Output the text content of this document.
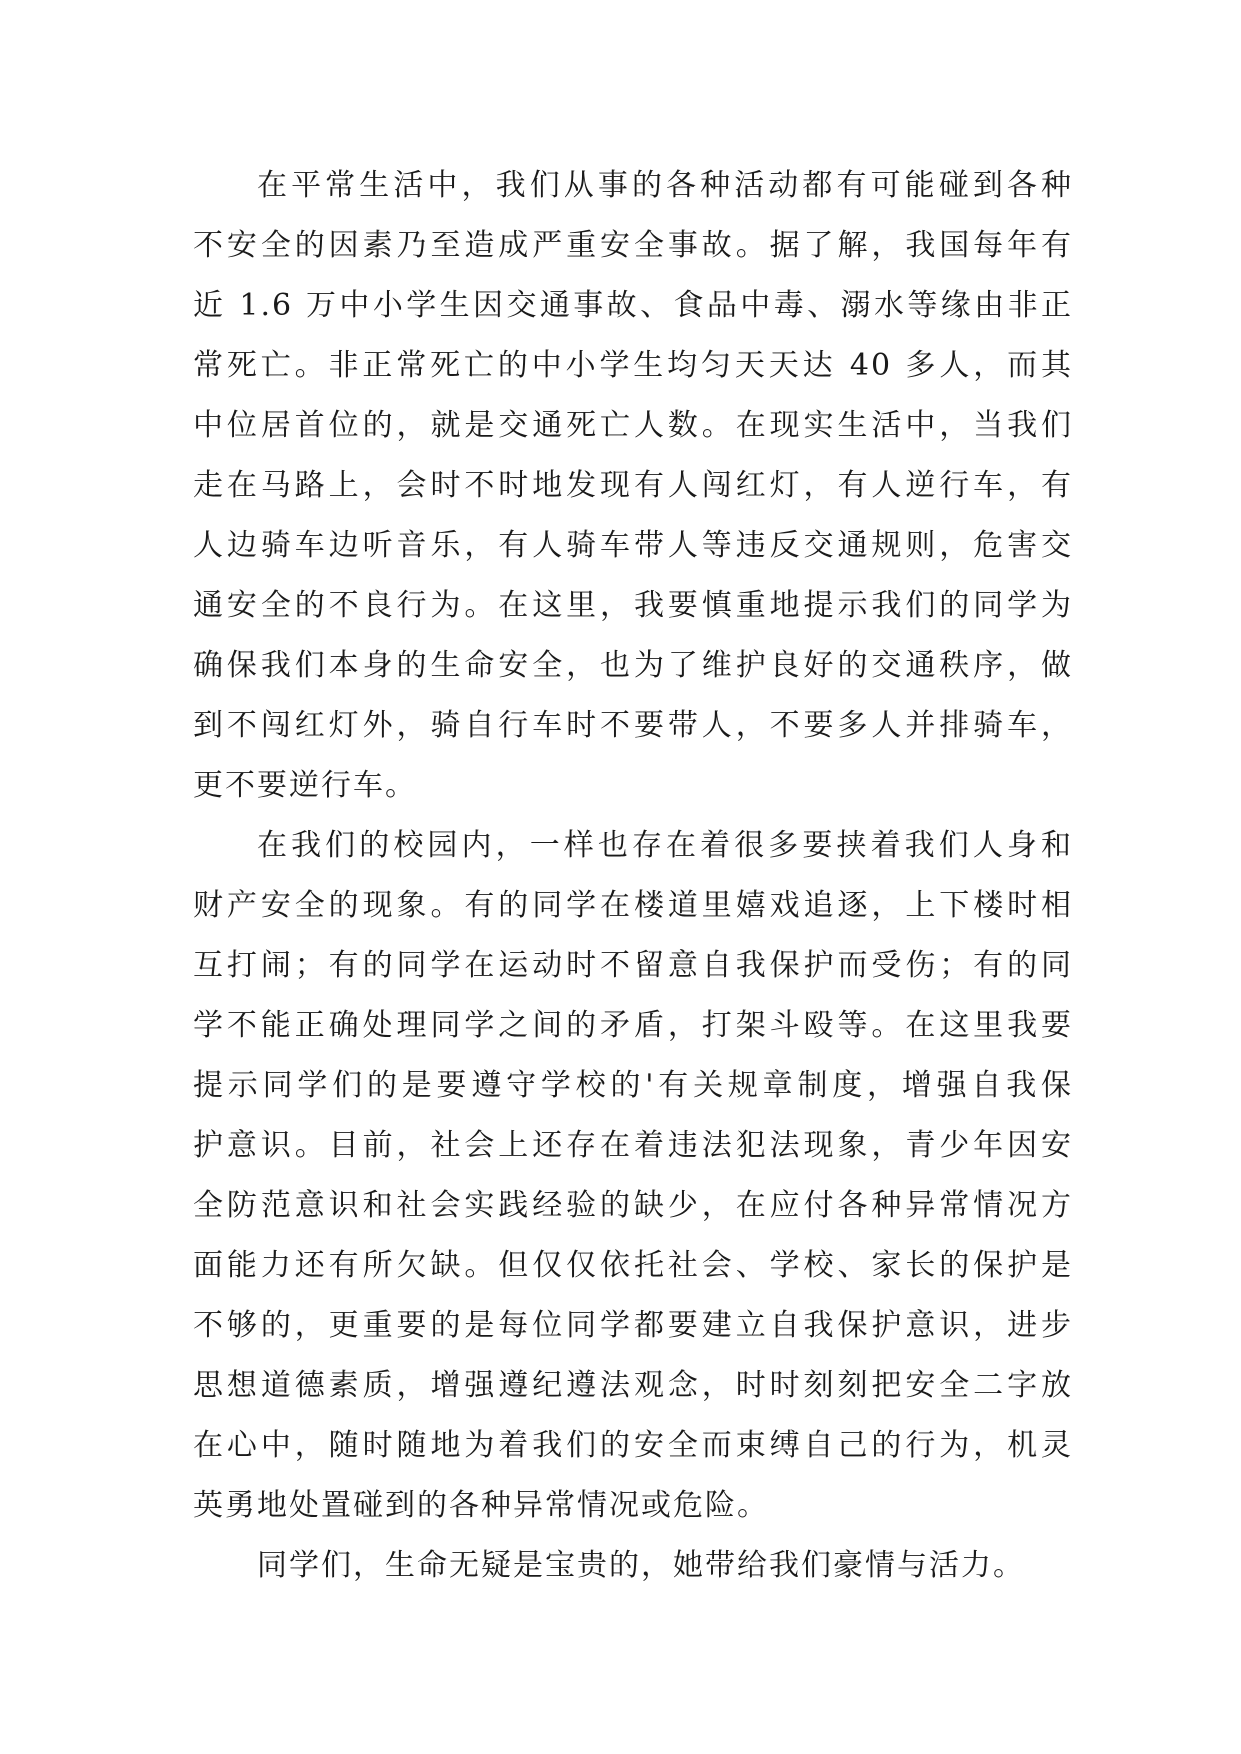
在平常生活中，我们从事的各种活动都有可能碰到各种
不安全的因素乃至造成严重安全事故。据了解，我国每年有
近 1.6 万中小学生因交通事故、食品中毒、溺水等缘由非正
常死亡。非正常死亡的中小学生均匀天天达 40 多人，而其
中位居首位的，就是交通死亡人数。在现实生活中，当我们
走在马路上，会时不时地发现有人闯红灯，有人逆行车，有
人边骑车边听音乐，有人骑车带人等违反交通规则，危害交
通安全的不良行为。在这里，我要慎重地提示我们的同学为
确保我们本身的生命安全，也为了维护良好的交通秩序，做
到不闯红灯外，骑自行车时不要带人，不要多人并排骑车，
更不要逆行车。
在我们的校园内，一样也存在着很多要挟着我们人身和
财产安全的现象。有的同学在楼道里嬉戏追逐，上下楼时相
互打闹；有的同学在运动时不留意自我保护而受伤；有的同
学不能正确处理同学之间的矛盾，打架斗殴等。在这里我要
提示同学们的是要遵守学校的'有关规章制度，增强自我保
护意识。目前，社会上还存在着违法犯法现象，青少年因安
全防范意识和社会实践经验的缺少，在应付各种异常情况方
面能力还有所欠缺。但仅仅依托社会、学校、家长的保护是
不够的，更重要的是每位同学都要建立自我保护意识，进步
思想道德素质，增强遵纪遵法观念，时时刻刻把安全二字放
在心中，随时随地为着我们的安全而束缚自己的行为，机灵
英勇地处置碰到的各种异常情况或危险。
同学们，生命无疑是宝贵的，她带给我们豪情与活力。
